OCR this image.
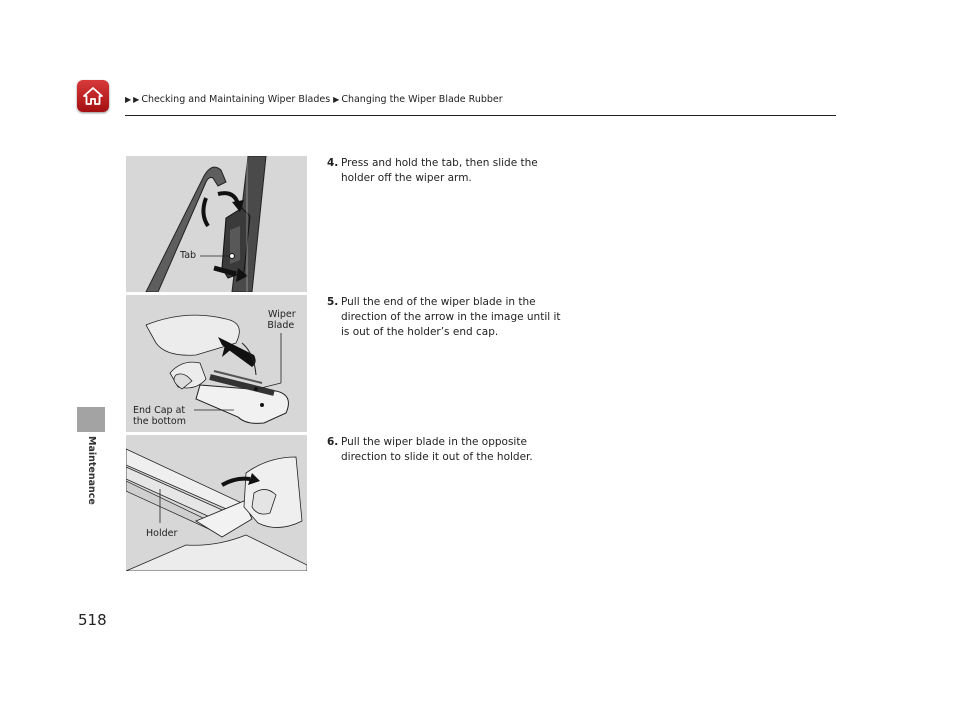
▶ ▶ Checking and Maintaining Wiper Blades ▶ Changing the Wiper Blade Rubber
Maintenance
Tab
Wiper
Blade
End Cap at
the bottom
Holder
4. Press and hold the tab, then slide the
holder off the wiper arm.
5. Pull the end of the wiper blade in the
direction of the arrow in the image until it
is out of the holder’s end cap.
6. Pull the wiper blade in the opposite
direction to slide it out of the holder.
518
